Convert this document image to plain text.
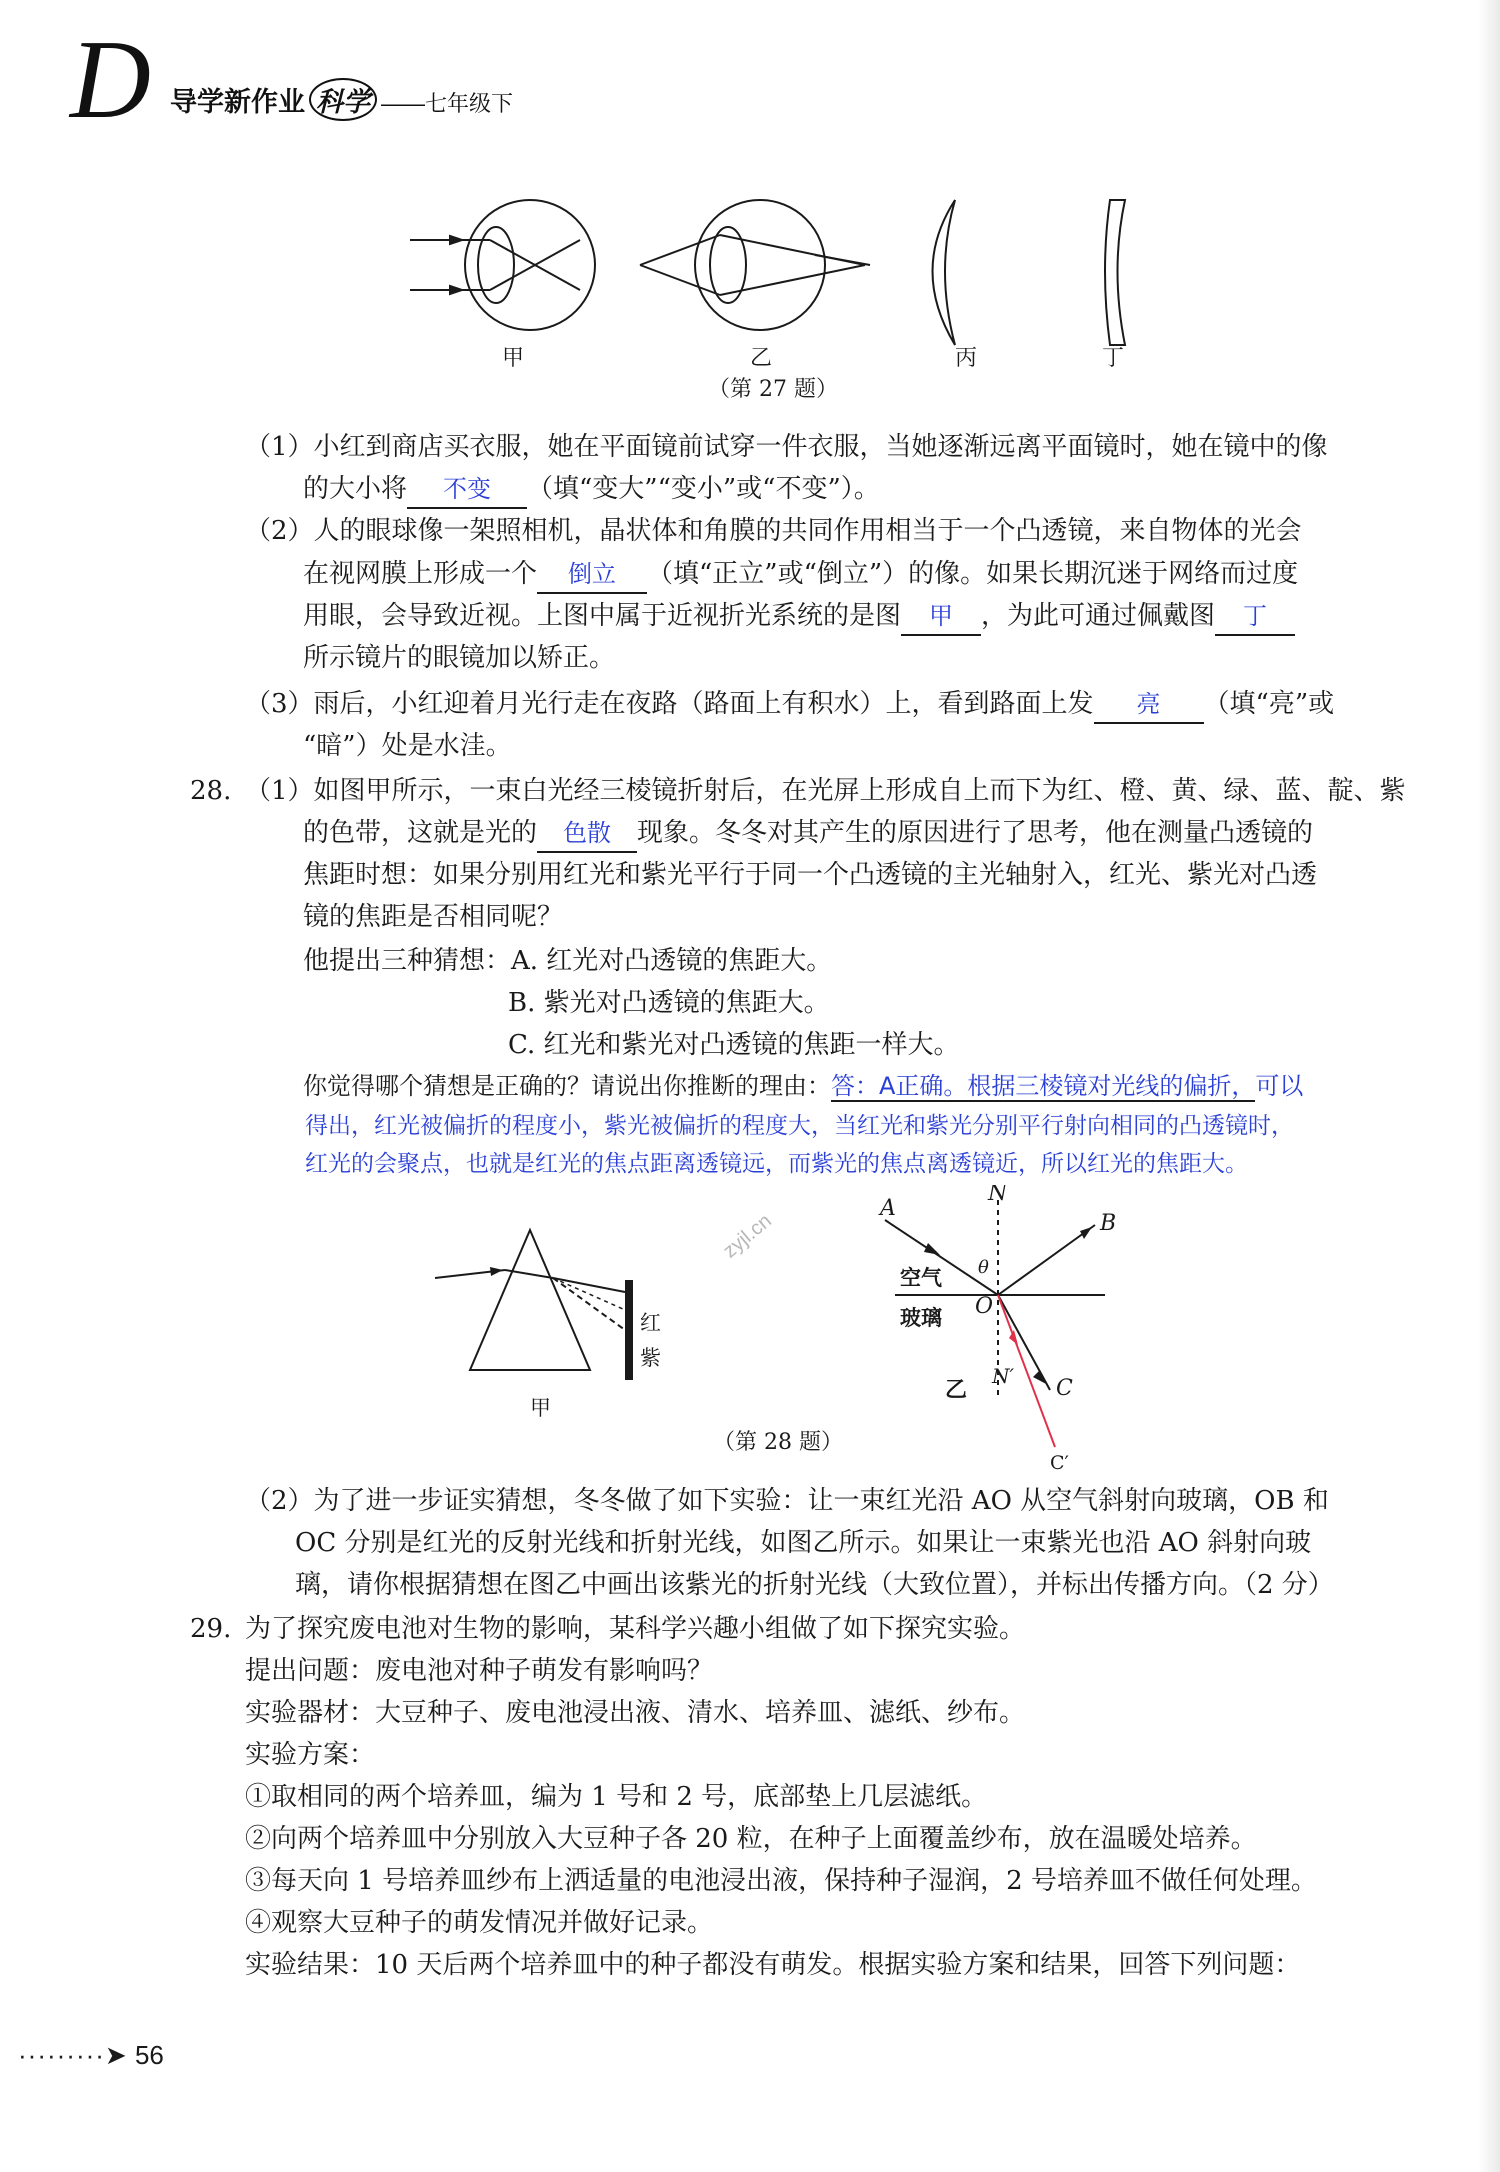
D 导学新作业 科学 ——七年级下
甲	乙	丙	丁
（第 27 题）
（1）小红到商店买衣服，她在平面镜前试穿一件衣服，当她逐渐远离平面镜时，她在镜中的像
的大小将 不变 （填“变大”“变小”或“不变”）。
（2）人的眼球像一架照相机，晶状体和角膜的共同作用相当于一个凸透镜，来自物体的光会
在视网膜上形成一个 倒立 （填“正立”或“倒立”）的像。如果长期沉迷于网络而过度
用眼，会导致近视。上图中属于近视折光系统的是图 甲 ，为此可通过佩戴图 丁
所示镜片的眼镜加以矫正。
（3）雨后，小红迎着月光行走在夜路（路面上有积水）上，看到路面上发 亮 （填“亮”或
“暗”）处是水洼。
28. （1）如图甲所示，一束白光经三棱镜折射后，在光屏上形成自上而下为红、橙、黄、绿、蓝、靛、紫
的色带，这就是光的 色散 现象。冬冬对其产生的原因进行了思考，他在测量凸透镜的
焦距时想：如果分别用红光和紫光平行于同一个凸透镜的主光轴射入，红光、紫光对凸透
镜的焦距是否相同呢？
他提出三种猜想：A. 红光对凸透镜的焦距大。
B. 紫光对凸透镜的焦距大。
C. 红光和紫光对凸透镜的焦距一样大。
你觉得哪个猜想是正确的？请说出你推断的理由：答：A正确。根据三棱镜对光线的偏折，可以
得出，红光被偏折的程度小，紫光被偏折的程度大，当红光和紫光分别平行射向相同的凸透镜时，
红光的会聚点，也就是红光的焦点距离透镜远，而紫光的焦点离透镜近，所以红光的焦距大。
红
紫
甲
A
N
B
θ
空气
玻璃 O
C
N′
乙
C′
zyjl.cn
（第 28 题）
（2）为了进一步证实猜想，冬冬做了如下实验：让一束红光沿 AO 从空气斜射向玻璃，OB 和
OC 分别是红光的反射光线和折射光线，如图乙所示。如果让一束紫光也沿 AO 斜射向玻
璃，请你根据猜想在图乙中画出该紫光的折射光线（大致位置），并标出传播方向。（2 分）
29. 为了探究废电池对生物的影响，某科学兴趣小组做了如下探究实验。
提出问题：废电池对种子萌发有影响吗？
实验器材：大豆种子、废电池浸出液、清水、培养皿、滤纸、纱布。
实验方案：
①取相同的两个培养皿，编为 1 号和 2 号，底部垫上几层滤纸。
②向两个培养皿中分别放入大豆种子各 20 粒，在种子上面覆盖纱布，放在温暖处培养。
③每天向 1 号培养皿纱布上洒适量的电池浸出液，保持种子湿润，2 号培养皿不做任何处理。
④观察大豆种子的萌发情况并做好记录。
实验结果：10 天后两个培养皿中的种子都没有萌发。根据实验方案和结果，回答下列问题：
·········➤ 56
